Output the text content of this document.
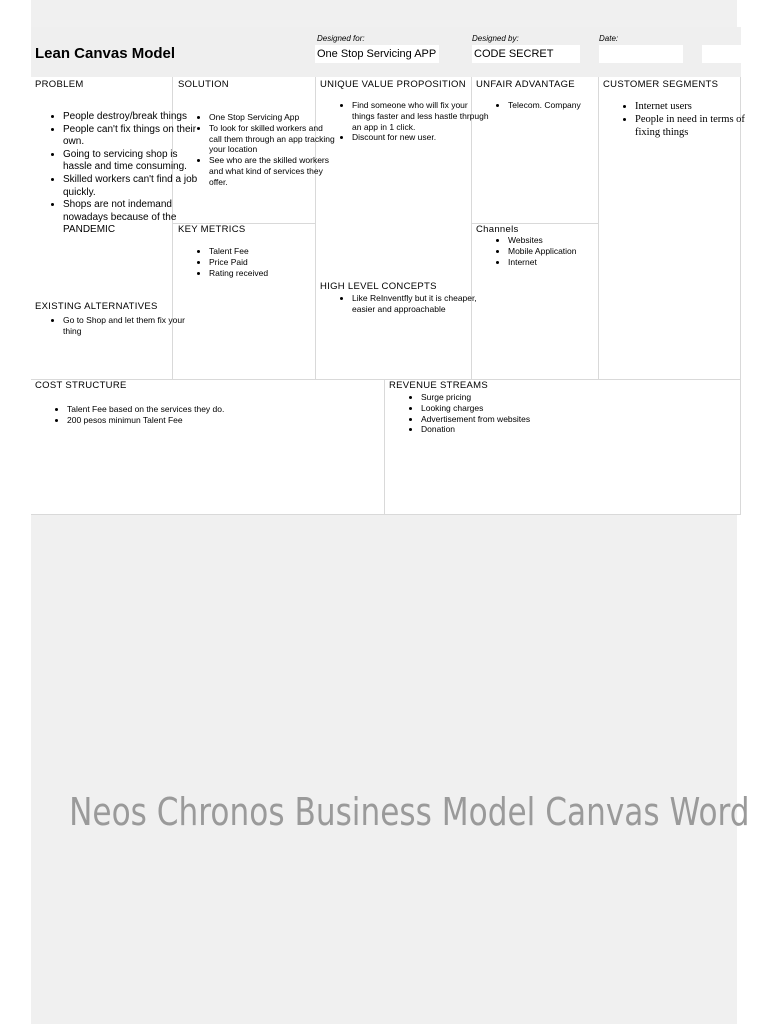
Lean Canvas Model
Designed for:
One Stop Servicing APP
Designed by:
CODE SECRET
Date:
PROBLEM
• People destroy/break things
• People can't fix things on their own.
• Going to servicing shop is hassle and time consuming.
• Skilled workers can't find a job quickly.
• Shops are not indemand nowadays because of the PANDEMIC
EXISTING ALTERNATIVES
• Go to Shop and let them fix your thing
SOLUTION
• One Stop Servicing App
• To look for skilled workers and call them through an app tracking your location
• See who are the skilled workers and what kind of services they offer.
KEY METRICS
• Talent Fee
• Price Paid
• Rating received
UNIQUE VALUE PROPOSITION
• Find someone who will fix your things faster and less hastle thrpugh an app in 1 click.
• Discount for new user.
HIGH LEVEL CONCEPTS
• Like ReInventfly but it is cheaper, easier and approachable
UNFAIR ADVANTAGE
• Telecom. Company
Channels
• Websites
• Mobile Application
• Internet
CUSTOMER SEGMENTS
• Internet users
• People in need in terms of fixing things
COST STRUCTURE
• Talent Fee based on the services they do.
• 200 pesos minimun Talent Fee
REVENUE STREAMS
• Surge pricing
• Looking charges
• Advertisement from websites
• Donation
Neos Chronos Business Model Canvas Word
